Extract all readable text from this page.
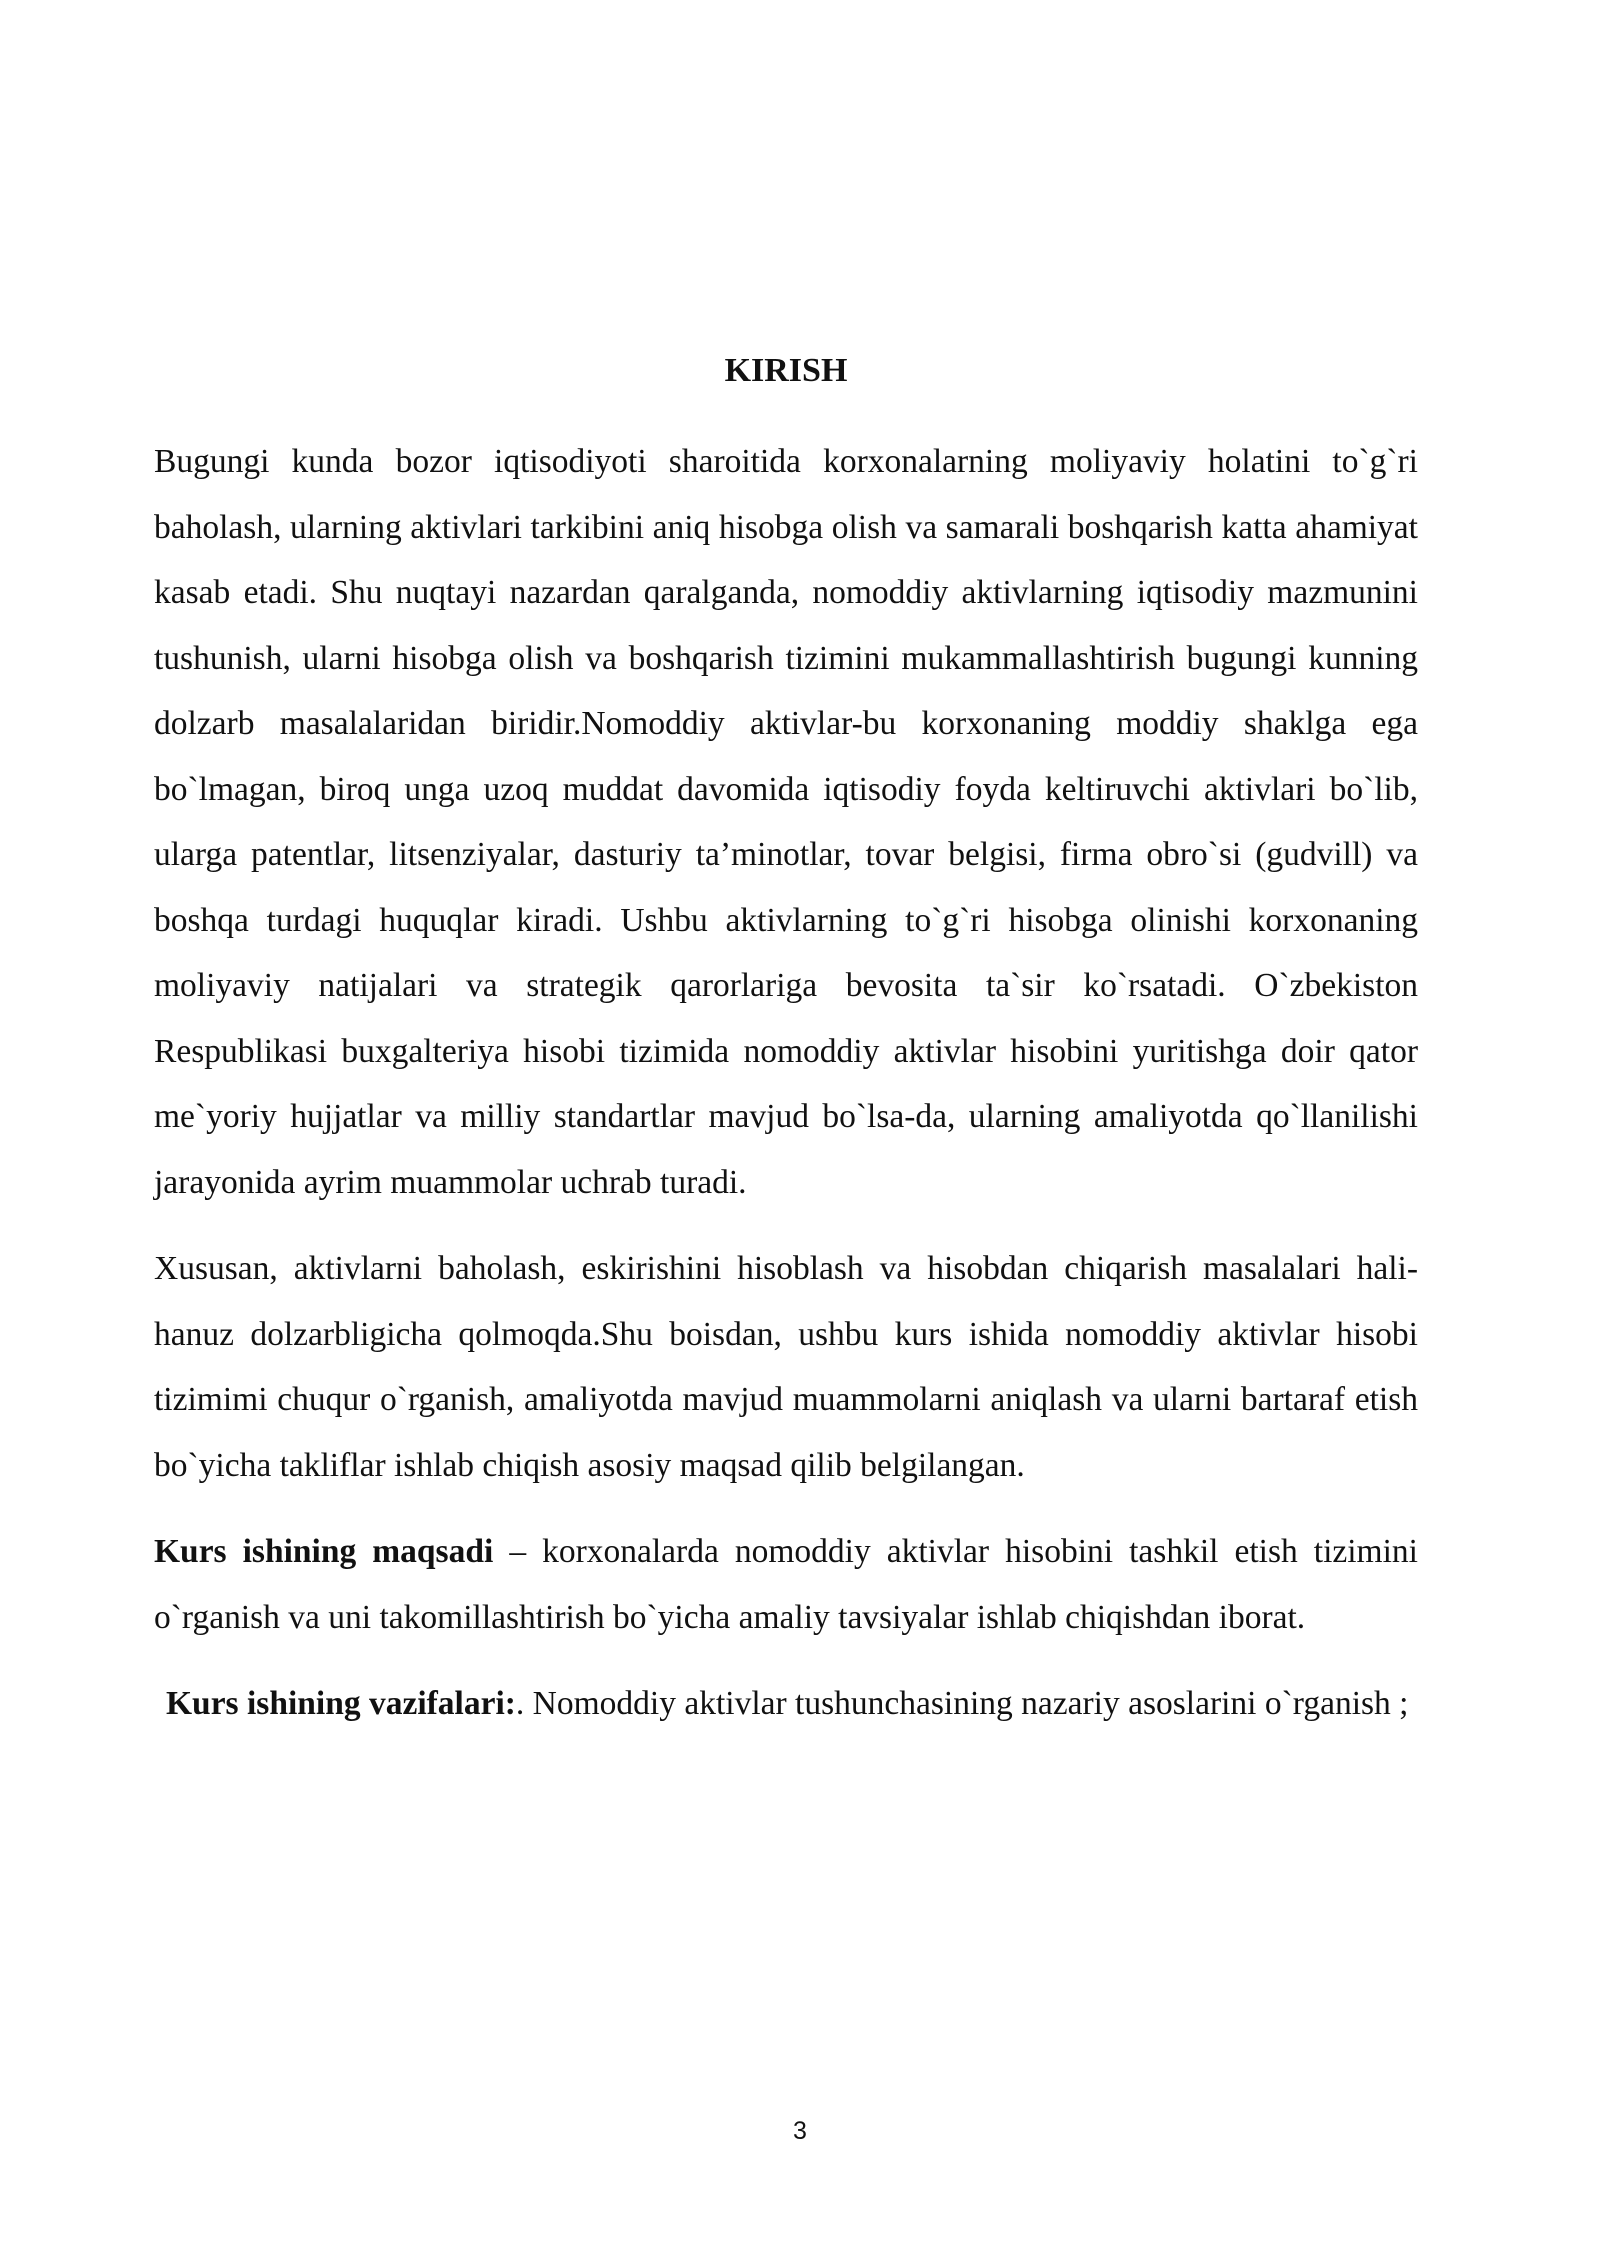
KIRISH

Bugungi kunda bozor iqtisodiyoti sharoitida korxonalarning moliyaviy holatini to`g`ri baholash, ularning aktivlari tarkibini aniq hisobga olish va samarali boshqarish katta ahamiyat kasab etadi. Shu nuqtayi nazardan qaralganda, nomoddiy aktivlarning iqtisodiy mazmunini tushunish, ularni hisobga olish va boshqarish tizimini mukammallashtirish bugungi kunning dolzarb masalalaridan biridir.Nomoddiy aktivlar-bu korxonaning moddiy shaklga ega bo`lmagan, biroq unga uzoq muddat davomida iqtisodiy foyda keltiruvchi aktivlari bo`lib, ularga patentlar, litsenziyalar, dasturiy ta’minotlar, tovar belgisi, firma obro`si (gudvill) va boshqa turdagi huquqlar kiradi. Ushbu aktivlarning to`g`ri hisobga olinishi korxonaning moliyaviy natijalari va strategik qarorlariga bevosita ta`sir ko`rsatadi. O`zbekiston Respublikasi buxgalteriya hisobi tizimida nomoddiy aktivlar hisobini yuritishga doir qator me`yoriy hujjatlar va milliy standartlar mavjud bo`lsa-da, ularning amaliyotda qo`llanilishi jarayonida ayrim muammolar uchrab turadi.

Xususan, aktivlarni baholash, eskirishini hisoblash va hisobdan chiqarish masalalari hali-hanuz dolzarbligicha qolmoqda.Shu boisdan, ushbu kurs ishida nomoddiy aktivlar hisobi tizimimi chuqur o`rganish, amaliyotda mavjud muammolarni aniqlash va ularni bartaraf etish bo`yicha takliflar ishlab chiqish asosiy maqsad qilib belgilangan.

Kurs ishining maqsadi – korxonalarda nomoddiy aktivlar hisobini tashkil etish tizimini o`rganish va uni takomillashtirish bo`yicha amaliy tavsiyalar ishlab chiqishdan iborat.

Kurs ishining vazifalari:. Nomoddiy aktivlar tushunchasining nazariy asoslarini o`rganish ;

3
